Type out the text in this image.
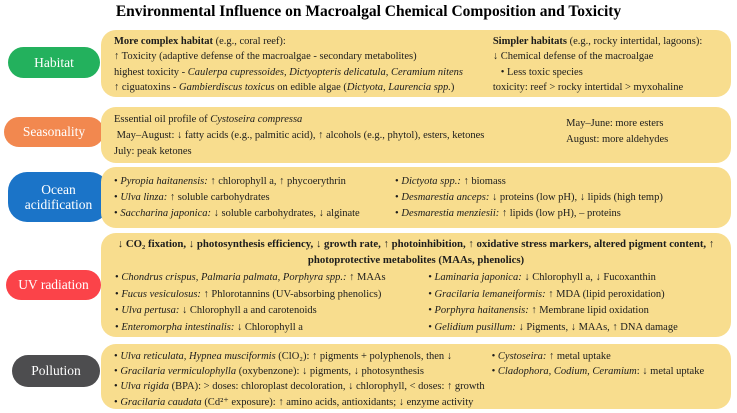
Environmental Influence on Macroalgal Chemical Composition and Toxicity
Habitat
More complex habitat (e.g., coral reef):
↑ Toxicity (adaptive defense of the macroalgae - secondary metabolites)
highest toxicity - Caulerpa cupressoides, Dictyopteris delicatula, Ceramium nitens
↑ ciguatoxins - Gambierdiscus toxicus on edible algae (Dictyota, Laurencia spp.)
Simpler habitats (e.g., rocky intertidal, lagoons):
↓ Chemical defense of the macroalgae
• Less toxic species
toxicity: reef > rocky intertidal > myxohaline
Seasonality
Essential oil profile of Cystoseira compressa
May–August: ↓ fatty acids (e.g., palmitic acid), ↑ alcohols (e.g., phytol), esters, ketones
July: peak ketones
May–June: more esters
August: more aldehydes
Ocean acidification
• Pyropia haitanensis: ↑ chlorophyll a, ↑ phycoerythrin
• Ulva linza: ↑ soluble carbohydrates
• Saccharina japonica: ↓ soluble carbohydrates, ↓ alginate
• Dictyota spp.: ↑ biomass
• Desmarestia anceps: ↓ proteins (low pH), ↓ lipids (high temp)
• Desmarestia menziesii: ↑ lipids (low pH), – proteins
UV radiation
↓ CO₂ fixation, ↓ photosynthesis efficiency, ↓ growth rate, ↑ photoinhibition, ↑ oxidative stress markers, altered pigment content, ↑ photoprotective metabolites (MAAs, phenolics)
• Chondrus crispus, Palmaria palmata, Porphyra spp.: ↑ MAAs
• Fucus vesiculosus: ↑ Phlorotannins (UV-absorbing phenolics)
• Ulva pertusa: ↓ Chlorophyll a and carotenoids
• Enteromorpha intestinalis: ↓ Chlorophyll a
• Laminaria japonica: ↓ Chlorophyll a, ↓ Fucoxanthin
• Gracilaria lemaneiformis: ↑ MDA (lipid peroxidation)
• Porphyra haitanensis: ↑ Membrane lipid oxidation
• Gelidium pusillum: ↓ Pigments, ↓ MAAs, ↑ DNA damage
Pollution
• Ulva reticulata, Hypnea musciformis (ClO₂): ↑ pigments + polyphenols, then ↓
• Gracilaria vermiculophylla (oxybenzone): ↓ pigments, ↓ photosynthesis
• Ulva rigida (BPA): > doses: chloroplast decoloration, ↓ chlorophyll, < doses: ↑ growth
• Gracilaria caudata (Cd²⁺ exposure): ↑ amino acids, antioxidants; ↓ enzyme activity
• Cystoseira: ↑ metal uptake
• Cladophora, Codium, Ceramium: ↓ metal uptake
